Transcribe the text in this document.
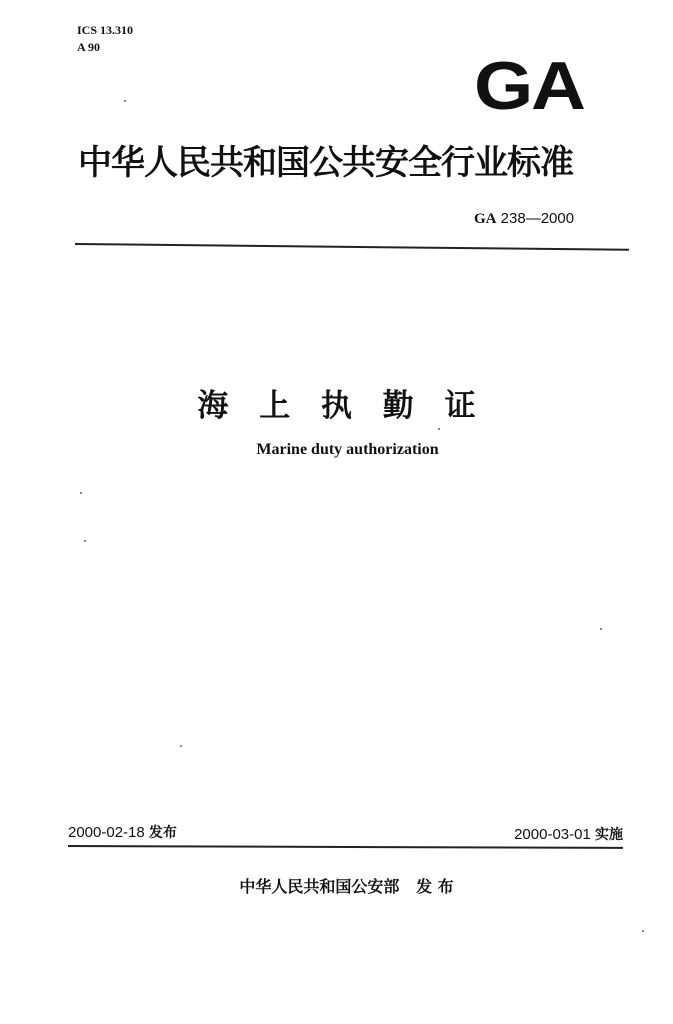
ICS 13.310
A 90
GA
中华人民共和国公共安全行业标准
GA 238—2000
海 上 执 勤 证
Marine duty authorization
2000-02-18 发布	2000-03-01 实施
中华人民共和国公安部 发 布
